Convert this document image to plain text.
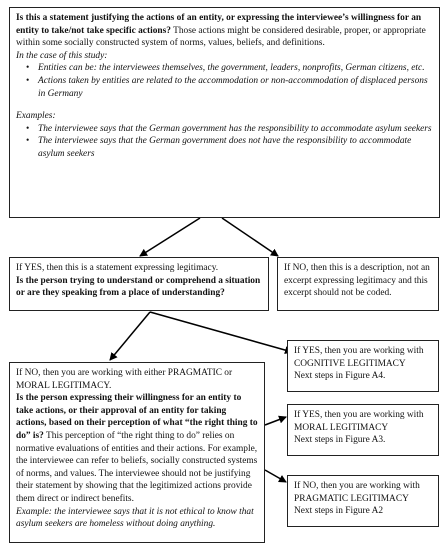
Is this a statement justifying the actions of an entity, or expressing the interviewee’s willingness for an entity to take/not take specific actions? Those actions might be considered desirable, proper, or appropriate within some socially constructed system of norms, values, beliefs, and definitions.

In the case of this study:

• Entities can be: the interviewees themselves, the government, leaders, nonprofits, German citizens, etc.
• Actions taken by entities are related to the accommodation or non-accommodation of displaced persons in Germany

Examples:

• The interviewee says that the German government has the responsibility to accommodate asylum seekers
• The interviewee says that the German government does not have the responsibility to accommodate asylum seekers

If YES, then this is a statement expressing legitimacy.

Is the person trying to understand or comprehend a situation or are they speaking from a place of understanding?

If NO, then this is a description, not an excerpt expressing legitimacy and this excerpt should not be coded.

If NO, then you are working with either PRAGMATIC or MORAL LEGITIMACY.

Is the person expressing their willingness for an entity to take actions, or their approval of an entity for taking actions, based on their perception of what “the right thing to do” is? This perception of “the right thing to do” relies on normative evaluations of entities and their actions. For example, the interviewee can refer to beliefs, socially constructed systems of norms, and values. The interviewee should not be justifying their statement by showing that the legitimized actions provide them direct or indirect benefits.

Example: the interviewee says that it is not ethical to know that asylum seekers are homeless without doing anything.

If YES, then you are working with

COGNITIVE LEGITIMACY

Next steps in Figure A4.

If YES, then you are working with

MORAL LEGITIMACY

Next steps in Figure A3.

If NO, then you are working with

PRAGMATIC LEGITIMACY

Next steps in Figure A2
